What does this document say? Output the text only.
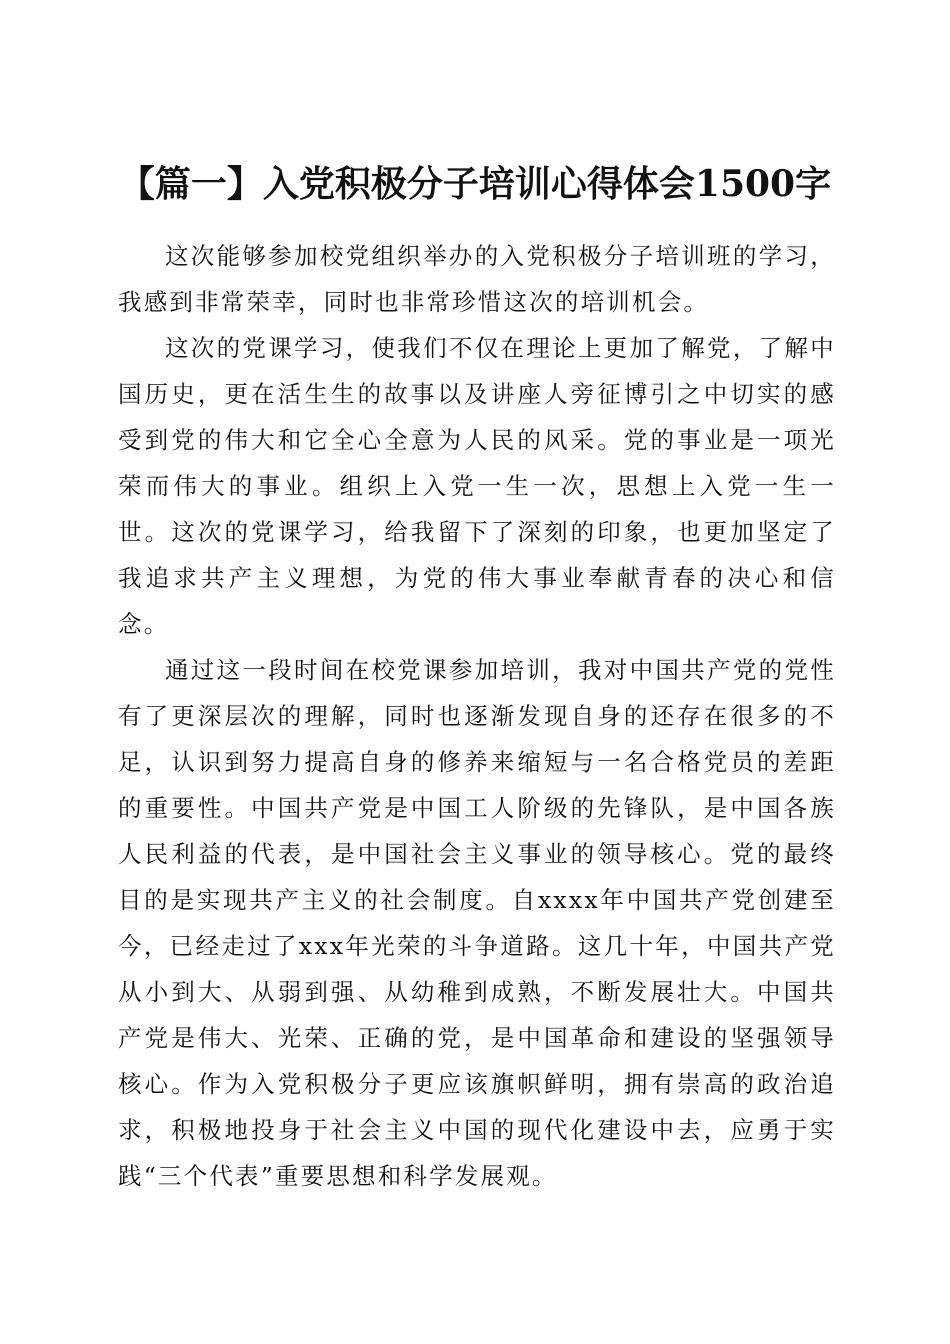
【篇一】入党积极分子培训心得体会1500字

这次能够参加校党组织举办的入党积极分子培训班的学习，我感到非常荣幸，同时也非常珍惜这次的培训机会。

这次的党课学习，使我们不仅在理论上更加了解党，了解中国历史，更在活生生的故事以及讲座人旁征博引之中切实的感受到党的伟大和它全心全意为人民的风采。党的事业是一项光荣而伟大的事业。组织上入党一生一次，思想上入党一生一世。这次的党课学习，给我留下了深刻的印象，也更加坚定了我追求共产主义理想，为党的伟大事业奉献青春的决心和信念。

通过这一段时间在校党课参加培训，我对中国共产党的党性有了更深层次的理解，同时也逐渐发现自身的还存在很多的不足，认识到努力提高自身的修养来缩短与一名合格党员的差距的重要性。中国共产党是中国工人阶级的先锋队，是中国各族人民利益的代表，是中国社会主义事业的领导核心。党的最终目的是实现共产主义的社会制度。自xxxx年中国共产党创建至今，已经走过了xxx年光荣的斗争道路。这几十年，中国共产党从小到大、从弱到强、从幼稚到成熟，不断发展壮大。中国共产党是伟大、光荣、正确的党，是中国革命和建设的坚强领导核心。作为入党积极分子更应该旗帜鲜明，拥有崇高的政治追求，积极地投身于社会主义中国的现代化建设中去，应勇于实践“三个代表”重要思想和科学发展观。
